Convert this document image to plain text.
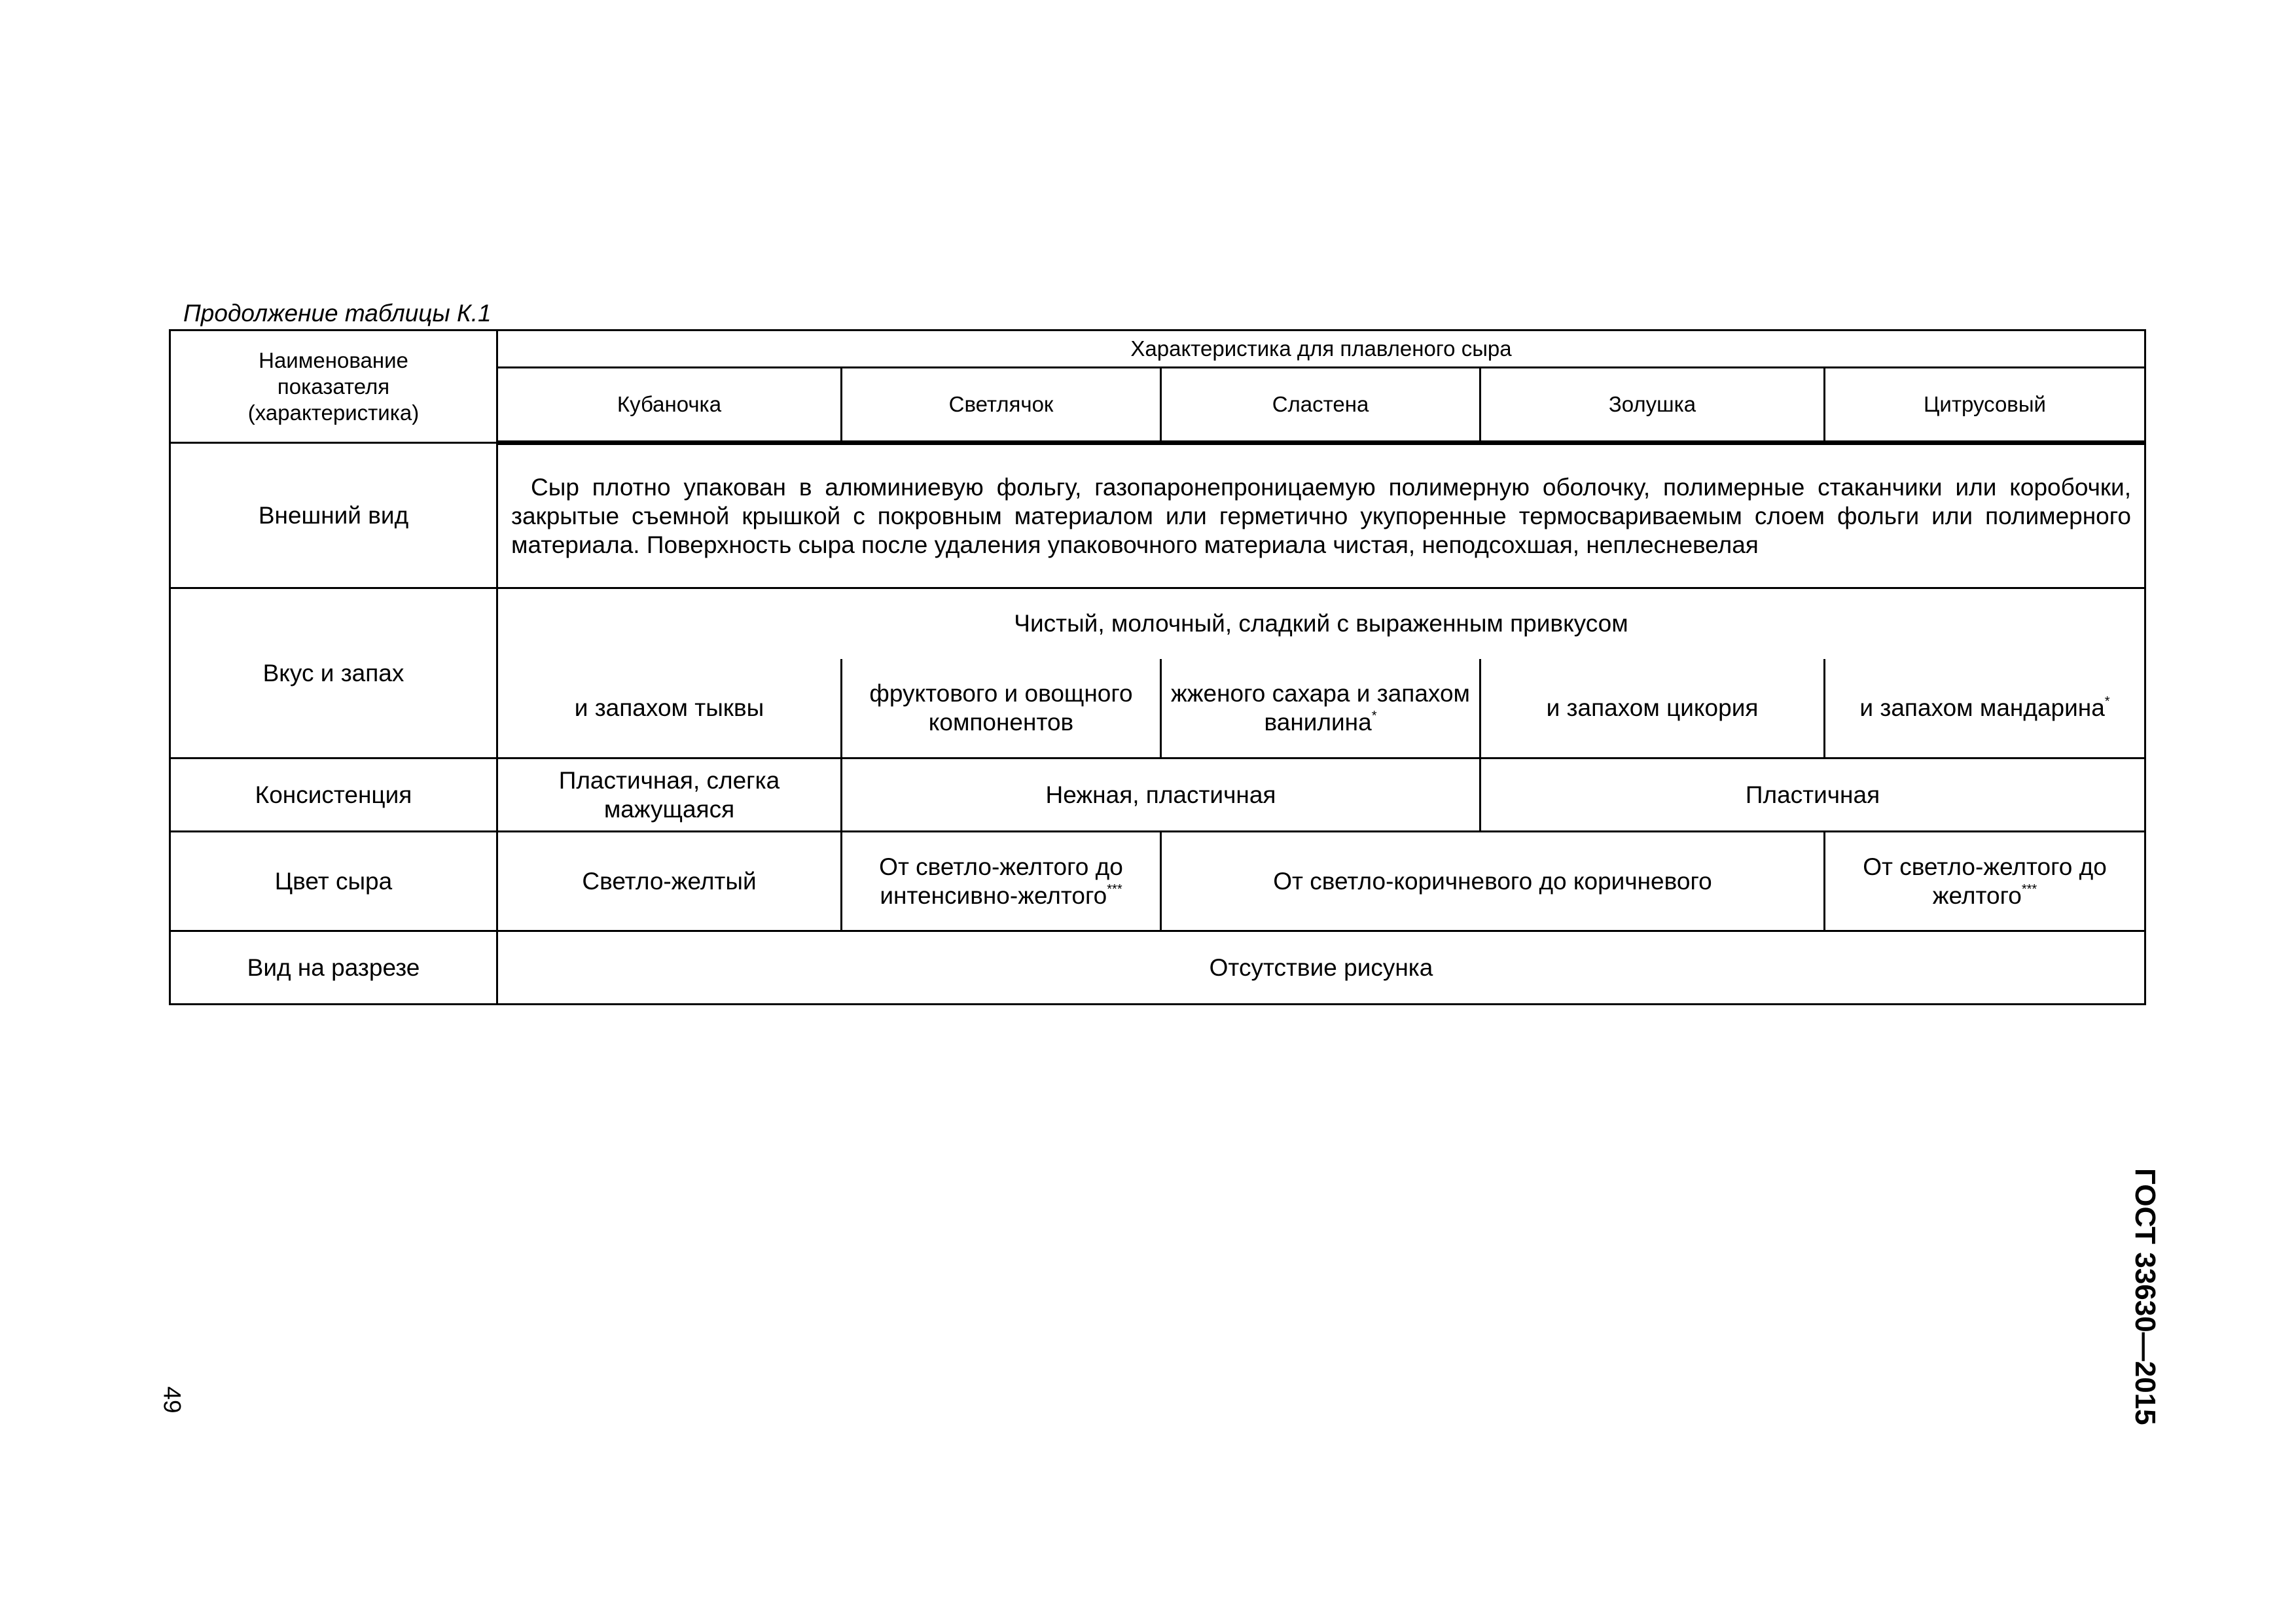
Продолжение таблицы К.1
Наименование показателя (характеристика)	Характеристика для плавленого сыра				
	Кубаночка	Светлячок	Сластена	Золушка	Цитрусовый
Внешний вид	Сыр плотно упакован в алюминиевую фольгу, газопаронепроницаемую полимерную оболочку, полимерные стаканчики или коробочки, закрытые съемной крышкой с покровным материалом или герметично укупоренные термосвариваемым слоем фольги или полимерного материала. Поверхность сыра после удаления упаковочного материала чистая, неподсохшая, неплесневелая				

Вкус и запах	Чистый, молочный, сладкий с выраженным привкусом				
	и запахом тыквы	фруктового и овощного компонентов	жженого сахара и запахом ванилина*	и запахом цикория	и запахом мандарина*
Консистенция	Пластичная, слегка мажущаяся	Нежная, пластичная		Пластичная	
Цвет сыра	Светло-желтый	От светло-желтого до интенсивно-желтого***	От светло-коричневого до коричневого		От светло-желтого до желтого***
Вид на разрезе	Отсутствие рисунка				
49	ГОСТ 33630—2015
